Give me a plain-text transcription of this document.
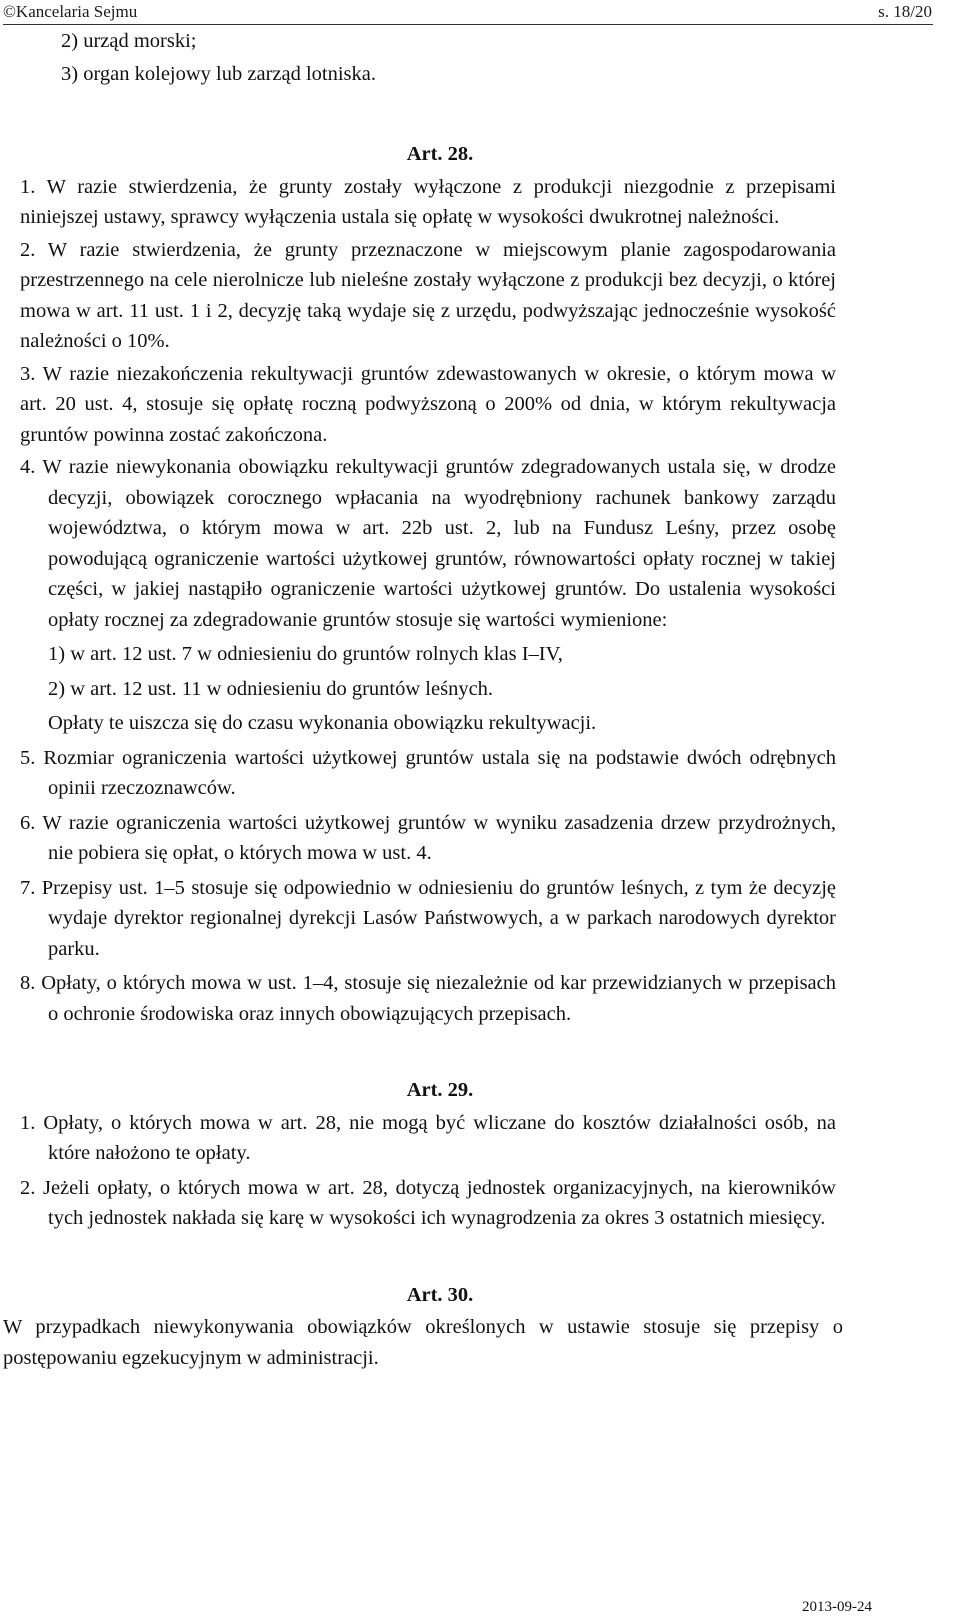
©Kancelaria Sejmu	s. 18/20
2) urząd morski;
3) organ kolejowy lub zarząd lotniska.
Art. 28.
1. W razie stwierdzenia, że grunty zostały wyłączone z produkcji niezgodnie z przepisami niniejszej ustawy, sprawcy wyłączenia ustala się opłatę w wysokości dwukrotnej należności.
2. W razie stwierdzenia, że grunty przeznaczone w miejscowym planie zagospodarowania przestrzennego na cele nierolnicze lub nieleśne zostały wyłączone z produkcji bez decyzji, o której mowa w art. 11 ust. 1 i 2, decyzję taką wydaje się z urzędu, podwyższając jednocześnie wysokość należności o 10%.
3. W razie niezakończenia rekultywacji gruntów zdewastowanych w okresie, o którym mowa w art. 20 ust. 4, stosuje się opłatę roczną podwyższoną o 200% od dnia, w którym rekultywacja gruntów powinna zostać zakończona.
4. W razie niewykonania obowiązku rekultywacji gruntów zdegradowanych ustala się, w drodze decyzji, obowiązek corocznego wpłacania na wyodrębniony rachunek bankowy zarządu województwa, o którym mowa w art. 22b ust. 2, lub na Fundusz Leśny, przez osobę powodującą ograniczenie wartości użytkowej gruntów, równowartości opłaty rocznej w takiej części, w jakiej nastąpiło ograniczenie wartości użytkowej gruntów. Do ustalenia wysokości opłaty rocznej za zdegradowanie gruntów stosuje się wartości wymienione:
1) w art. 12 ust. 7 w odniesieniu do gruntów rolnych klas I–IV,
2) w art. 12 ust. 11 w odniesieniu do gruntów leśnych.
Opłaty te uiszcza się do czasu wykonania obowiązku rekultywacji.
5. Rozmiar ograniczenia wartości użytkowej gruntów ustala się na podstawie dwóch odrębnych opinii rzeczoznawców.
6. W razie ograniczenia wartości użytkowej gruntów w wyniku zasadzenia drzew przydrożnych, nie pobiera się opłat, o których mowa w ust. 4.
7. Przepisy ust. 1–5 stosuje się odpowiednio w odniesieniu do gruntów leśnych, z tym że decyzję wydaje dyrektor regionalnej dyrekcji Lasów Państwowych, a w parkach narodowych dyrektor parku.
8. Opłaty, o których mowa w ust. 1–4, stosuje się niezależnie od kar przewidzianych w przepisach o ochronie środowiska oraz innych obowiązujących przepisach.
Art. 29.
1. Opłaty, o których mowa w art. 28, nie mogą być wliczane do kosztów działalności osób, na które nałożono te opłaty.
2. Jeżeli opłaty, o których mowa w art. 28, dotyczą jednostek organizacyjnych, na kierowników tych jednostek nakłada się karę w wysokości ich wynagrodzenia za okres 3 ostatnich miesięcy.
Art. 30.
W przypadkach niewykonywania obowiązków określonych w ustawie stosuje się przepisy o postępowaniu egzekucyjnym w administracji.
2013-09-24
